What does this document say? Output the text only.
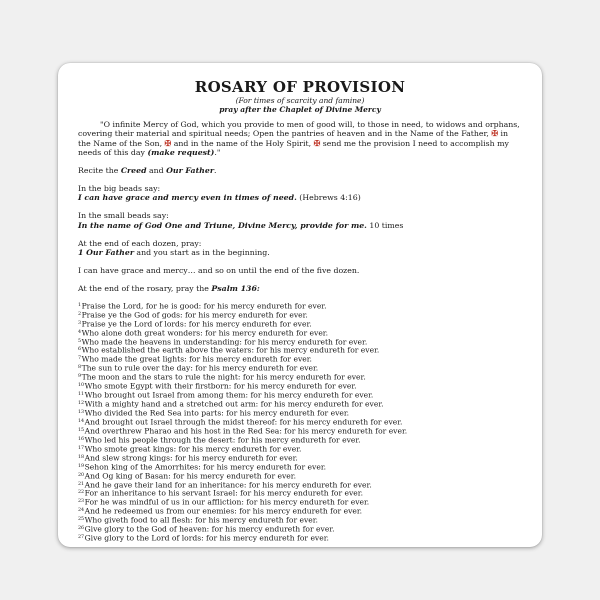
ROSARY OF PROVISION
(For times of scarcity and famine)
pray after the Chaplet of Divine Mercy

"O infinite Mercy of God, which you provide to men of good will, to those in need, to widows and orphans, covering their material and spiritual needs; Open the pantries of heaven and in the Name of the Father, ✠ in the Name of the Son, ✠ and in the name of the Holy Spirit, ✠ send me the provision I need to accomplish my needs of this day (make request)."

Recite the Creed and Our Father.

In the big beads say:
I can have grace and mercy even in times of need. (Hebrews 4:16)

In the small beads say:
In the name of God One and Triune, Divine Mercy, provide for me. 10 times

At the end of each dozen, pray:
1 Our Father and you start as in the beginning.

I can have grace and mercy… and so on until the end of the five dozen.

At the end of the rosary, pray the Psalm 136:

$^1$Praise the Lord, for he is good: for his mercy endureth for ever.
$^2$Praise ye the God of gods: for his mercy endureth for ever.
$^3$Praise ye the Lord of lords: for his mercy endureth for ever.
$^4$Who alone doth great wonders: for his mercy endureth for ever.
$^5$Who made the heavens in understanding: for his mercy endureth for ever.
$^6$Who established the earth above the waters: for his mercy endureth for ever.
$^7$Who made the great lights: for his mercy endureth for ever.
$^8$The sun to rule over the day: for his mercy endureth for ever.
$^9$The moon and the stars to rule the night: for his mercy endureth for ever.
$^{10}$Who smote Egypt with their firstborn: for his mercy endureth for ever.
$^{11}$Who brought out Israel from among them: for his mercy endureth for ever.
$^{12}$With a mighty hand and a stretched out arm: for his mercy endureth for ever.
$^{13}$Who divided the Red Sea into parts: for his mercy endureth for ever.
$^{14}$And brought out Israel through the midst thereof: for his mercy endureth for ever.
$^{15}$And overthrew Pharao and his host in the Red Sea: for his mercy endureth for ever.
$^{16}$Who led his people through the desert: for his mercy endureth for ever.
$^{17}$Who smote great kings: for his mercy endureth for ever.
$^{18}$And slew strong kings: for his mercy endureth for ever.
$^{19}$Sehon king of the Amorrhites: for his mercy endureth for ever.
$^{20}$And Og king of Basan: for his mercy endureth for ever.
$^{21}$And he gave their land for an inheritance: for his mercy endureth for ever.
$^{22}$For an inheritance to his servant Israel: for his mercy endureth for ever.
$^{23}$For he was mindful of us in our affliction: for his mercy endureth for ever.
$^{24}$And he redeemed us from our enemies: for his mercy endureth for ever.
$^{25}$Who giveth food to all flesh: for his mercy endureth for ever.
$^{26}$Give glory to the God of heaven: for his mercy endureth for ever.
$^{27}$Give glory to the Lord of lords: for his mercy endureth for ever.
